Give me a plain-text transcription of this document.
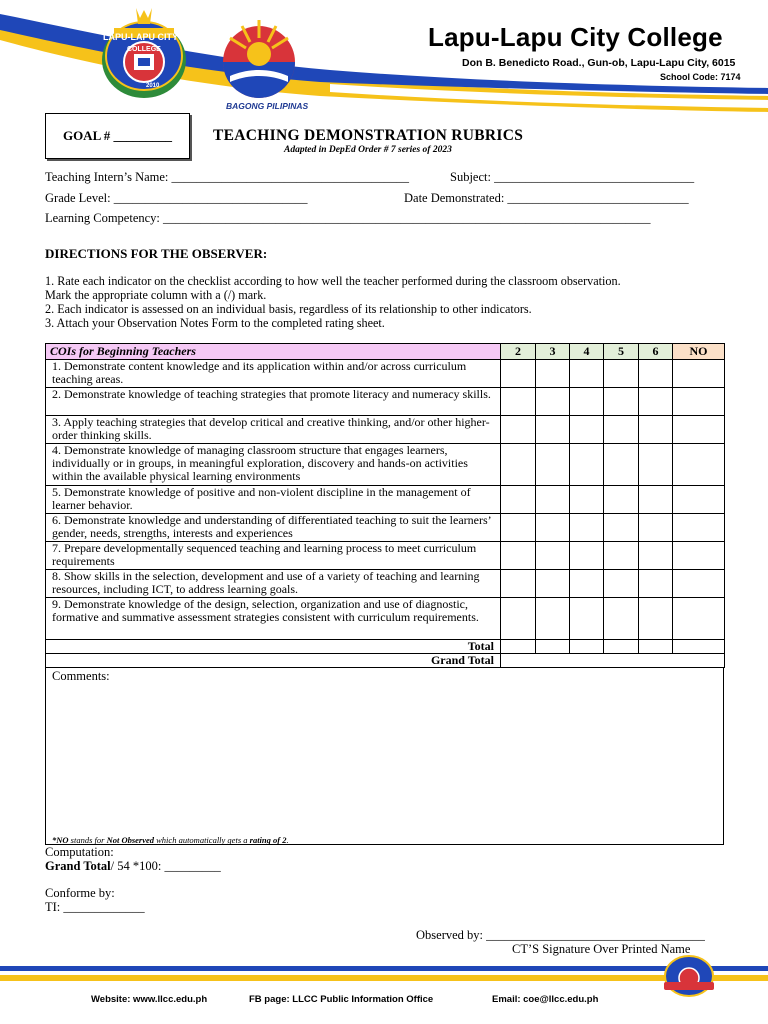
LAPU-LAPU CITY
COLLEGE
2010
BAGONG PILIPINAS
Lapu-Lapu City College
Don B. Benedicto Road., Gun-ob, Lapu-Lapu City, 6015
School Code: 7174
GOAL # _________	TEACHING DEMONSTRATION RUBRICS
Adapted in DepEd Order # 7 series of 2023
Teaching Intern’s Name: ______________________________________	Subject: ________________________________
Grade Level: _______________________________	Date Demonstrated: _____________________________
Learning Competency: ______________________________________________________________________________
DIRECTIONS FOR THE OBSERVER:
1. Rate each indicator on the checklist according to how well the teacher performed during the classroom observation.
Mark the appropriate column with a (/) mark.
2. Each indicator is assessed on an individual basis, regardless of its relationship to other indicators.
3. Attach your Observation Notes Form to the completed rating sheet.
COIs for Beginning Teachers	2	3	4	5	6	NO
1. Demonstrate content knowledge and its application within and/or across curriculum teaching areas.						
2. Demonstrate knowledge of teaching strategies that promote literacy and numeracy skills.						
3. Apply teaching strategies that develop critical and creative thinking, and/or other higher-order thinking skills.						
4. Demonstrate knowledge of managing classroom structure that engages learners, individually or in groups, in meaningful exploration, discovery and hands-on activities within the available physical learning environments						
5. Demonstrate knowledge of positive and non-violent discipline in the management of learner behavior.						
6. Demonstrate knowledge and understanding of differentiated teaching to suit the learners’ gender, needs, strengths, interests and experiences						
7. Prepare developmentally sequenced teaching and learning process to meet curriculum requirements						
8. Show skills in the selection, development and use of a variety of teaching and learning resources, including ICT, to address learning goals.						
9. Demonstrate knowledge of the design, selection, organization and use of diagnostic, formative and summative assessment strategies consistent with curriculum requirements.						
Total						
Grand Total						
Comments:
*NO stands for Not Observed which automatically gets a rating of 2.
Computation:
Grand Total/ 54 *100: _________
Conforme by:
TI: _____________
Observed by: ___________________________________
CT’S Signature Over Printed Name
Website: www.llcc.edu.ph	FB page: LLCC Public Information Office	Email: coe@llcc.edu.ph
